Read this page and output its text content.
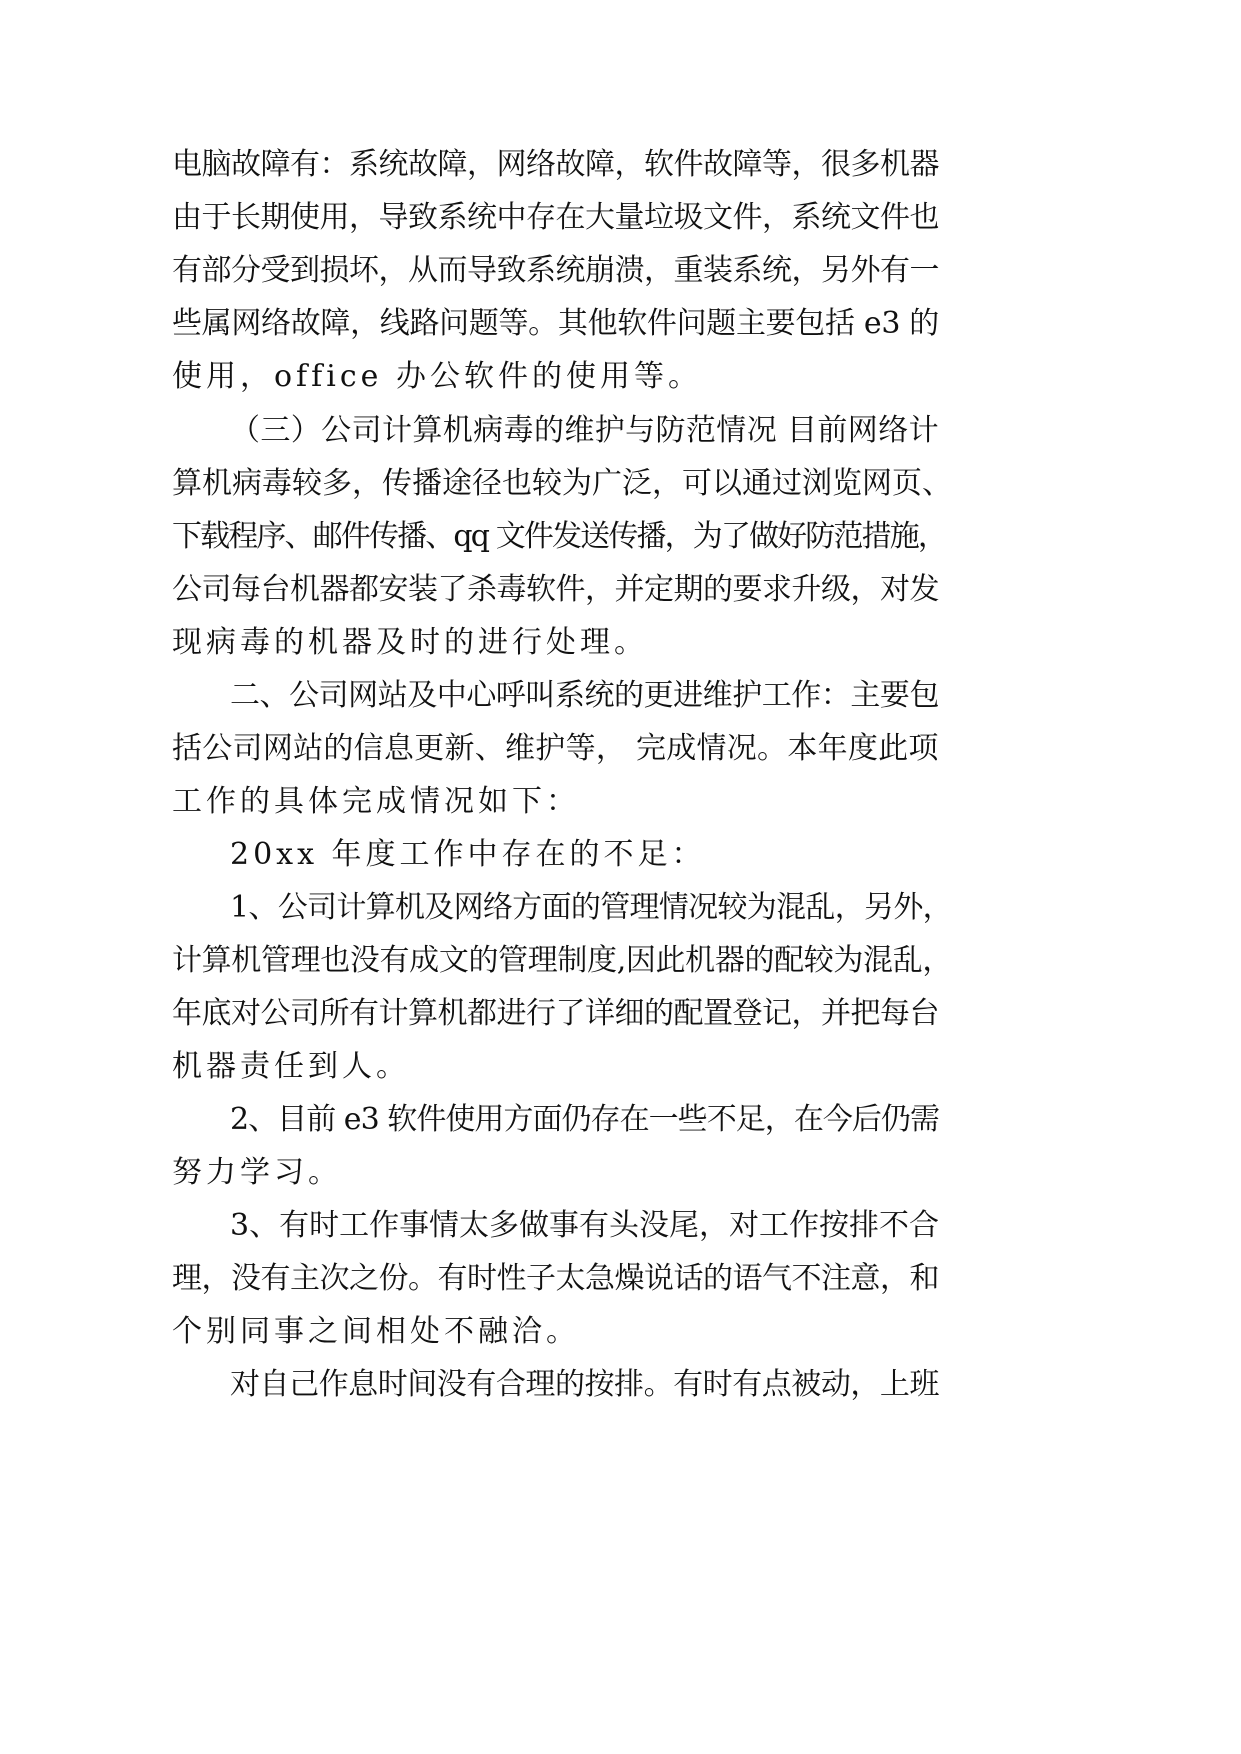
电脑故障有：系统故障，网络故障，软件故障等，很多机器
由于长期使用，导致系统中存在大量垃圾文件，系统文件也
有部分受到损坏，从而导致系统崩溃，重装系统，另外有一
些属网络故障，线路问题等。其他软件问题主要包括 e3 的
使用，office 办公软件的使用等。
（三）公司计算机病毒的维护与防范情况 目前网络计
算机病毒较多，传播途径也较为广泛，可以通过浏览网页、
下载程序、邮件传播、qq 文件发送传播，为了做好防范措施，
公司每台机器都安装了杀毒软件，并定期的要求升级，对发
现病毒的机器及时的进行处理。
二、公司网站及中心呼叫系统的更进维护工作：主要包
括公司网站的信息更新、维护等， 完成情况。本年度此项
工作的具体完成情况如下：
20xx 年度工作中存在的不足：
1、公司计算机及网络方面的管理情况较为混乱，另外，
计算机管理也没有成文的管理制度,因此机器的配较为混乱，
年底对公司所有计算机都进行了详细的配置登记，并把每台
机器责任到人。
2、目前 e3 软件使用方面仍存在一些不足，在今后仍需
努力学习。
3、有时工作事情太多做事有头没尾，对工作按排不合
理，没有主次之份。有时性子太急燥说话的语气不注意，和
个别同事之间相处不融洽。
对自己作息时间没有合理的按排。有时有点被动，上班
